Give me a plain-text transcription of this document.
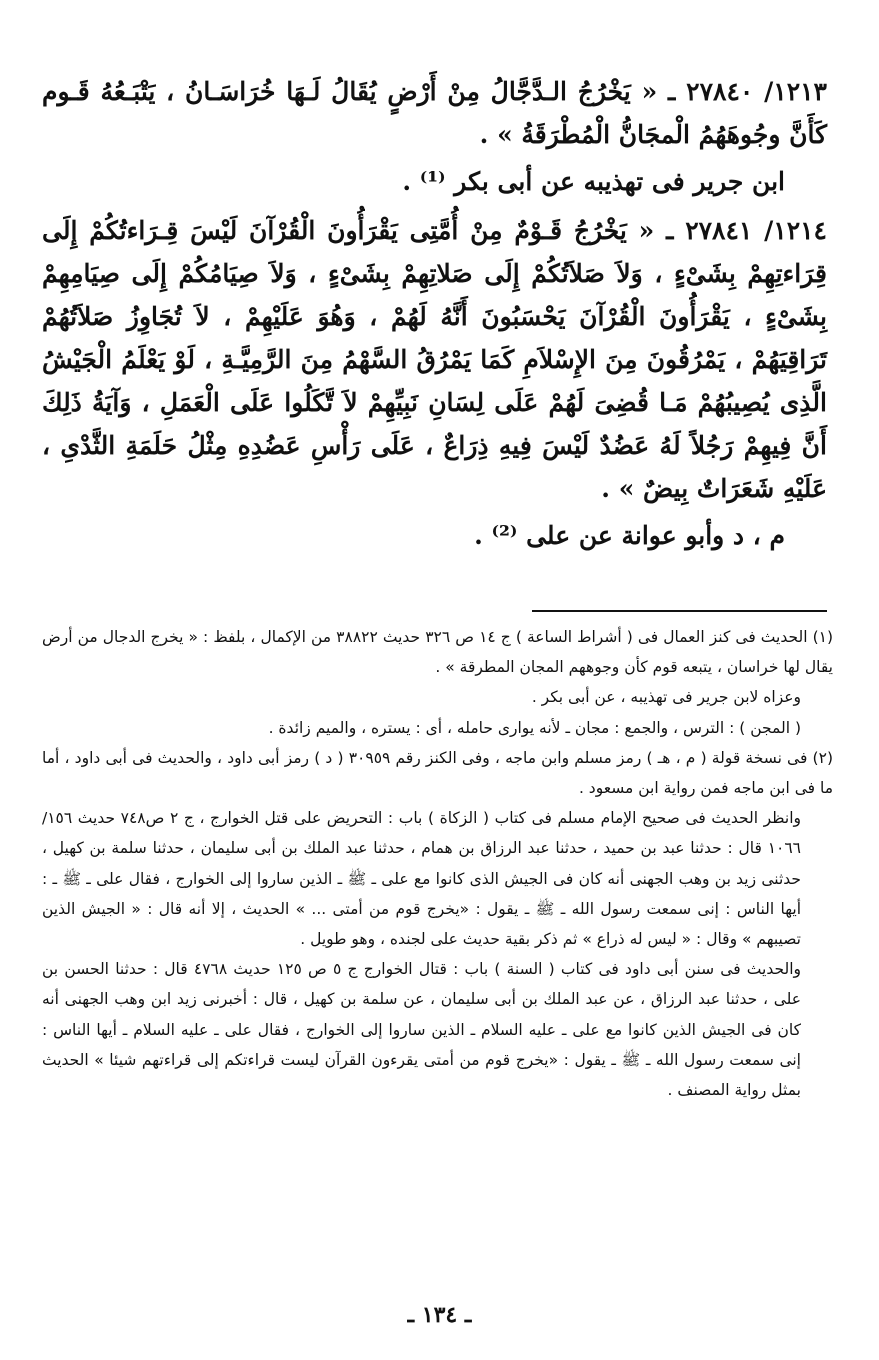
١٢١٣/ ٢٧٨٤٠ ـ « يَخْرُجُ الـدَّجَّالُ مِنْ أَرْضٍ يُقَالُ لَـهَا خُرَاسَـانُ ، يَتْبَـعُهُ قَـوم كَأَنَّ وجُوهَهُمُ الْمجَانُّ الْمُطْرَقَةُ » .

ابن جرير فى تهذيبه عن أبى بكر ⁽¹⁾ .

١٢١٤/ ٢٧٨٤١ ـ « يَخْرُجُ قَـوْمٌ مِنْ أُمَّتِى يَقْرَأُونَ الْقُرْآنَ لَيْسَ قِـرَاءتُكُمْ إِلَى قِرَاءتِهِمْ بِشَىْءٍ ، وَلاَ صَلاَتُكُمْ إِلَى صَلاتِهِمْ بِشَىْءٍ ، وَلاَ صِيَامُكُمْ إِلَى صِيَامِهِمْ بِشَىْءٍ ، يَقْرَأُونَ الْقُرْآنَ يَحْسَبُونَ أَنَّهُ لَهُمْ ، وَهُوَ عَلَيْهِمْ ، لاَ تُجَاوِزُ صَلاَتُهُمْ تَرَاقِيَهُمْ ، يَمْرُقُونَ مِنَ الإِسْلاَمِ كَمَا يَمْرُقُ السَّهْمُ مِنَ الرَّمِيَّـةِ ، لَوْ يَعْلَمُ الْجَيْشُ الَّذِى يُصِيبُهُمْ مَـا قُضِىَ لَهُمْ عَلَى لِسَانِ نَبِيِّهِمْ لاَ تَّكَلُوا عَلَى الْعَمَلِ ، وَآيَةُ ذَلِكَ أَنَّ فِيهِمْ رَجُلاً لَهُ عَضُدٌ لَيْسَ فِيهِ ذِرَاعٌ ، عَلَى رَأْسِ عَضُدِهِ مِثْلُ حَلَمَةِ الثَّدْىِ ، عَلَيْهِ شَعَرَاتٌ بِيضٌ » .

م ، د وأبو عوانة عن على ⁽²⁾ .

(١) الحديث فى كنز العمال فى ( أشراط الساعة ) ج ١٤ ص ٣٢٦ حديث ٣٨٨٢٢ من الإكمال ، بلفظ : « يخرج الدجال من أرض يقال لها خراسان ، يتبعه قوم كأن وجوههم المجان المطرقة » .

وعزاه لابن جرير فى تهذيبه ، عن أبى بكر .

( المجن ) : الترس ، والجمع : مجان ـ لأنه يوارى حامله ، أى : يستره ، والميم زائدة .

(٢) فى نسخة قولة ( م ، هـ ) رمز مسلم وابن ماجه ، وفى الكنز رقم ٣٠٩٥٩ ( د ) رمز أبى داود ، والحديث فى أبى داود ، أما ما فى ابن ماجه فمن رواية ابن مسعود .

وانظر الحديث فى صحيح الإمام مسلم فى كتاب ( الزكاة ) باب : التحريض على قتل الخوارج ، ج ٢ ص٧٤٨ حديث ١٥٦/ ١٠٦٦ قال : حدثنا عبد بن حميد ، حدثنا عبد الرزاق بن همام ، حدثنا عبد الملك بن أبى سليمان ، حدثنا سلمة بن كهيل ، حدثنى زيد بن وهب الجهنى أنه كان فى الجيش الذى كانوا مع على ـ ﷺ ـ الذين ساروا إلى الخوارج ، فقال على ـ ﷺ ـ : أيها الناس : إنى سمعت رسول الله ـ ﷺ ـ يقول : «يخرج قوم من أمتى ... » الحديث ، إلا أنه قال : « الجيش الذين تصيبهم » وقال : « ليس له ذراع » ثم ذكر بقية حديث على لجنده ، وهو طويل .

والحديث فى سنن أبى داود فى كتاب ( السنة ) باب : قتال الخوارج ج ٥ ص ١٢٥ حديث ٤٧٦٨ قال : حدثنا الحسن بن على ، حدثنا عبد الرزاق ، عن عبد الملك بن أبى سليمان ، عن سلمة بن كهيل ، قال : أخبرنى زيد ابن وهب الجهنى أنه كان فى الجيش الذين كانوا مع على ـ عليه السلام ـ الذين ساروا إلى الخوارج ، فقال على ـ عليه السلام ـ أيها الناس : إنى سمعت رسول الله ـ ﷺ ـ يقول : «يخرج قوم من أمتى يقرءون القرآن ليست قراءتكم إلى قراءتهم شيئا » الحديث بمثل رواية المصنف .

ـ ١٣٤ ـ
